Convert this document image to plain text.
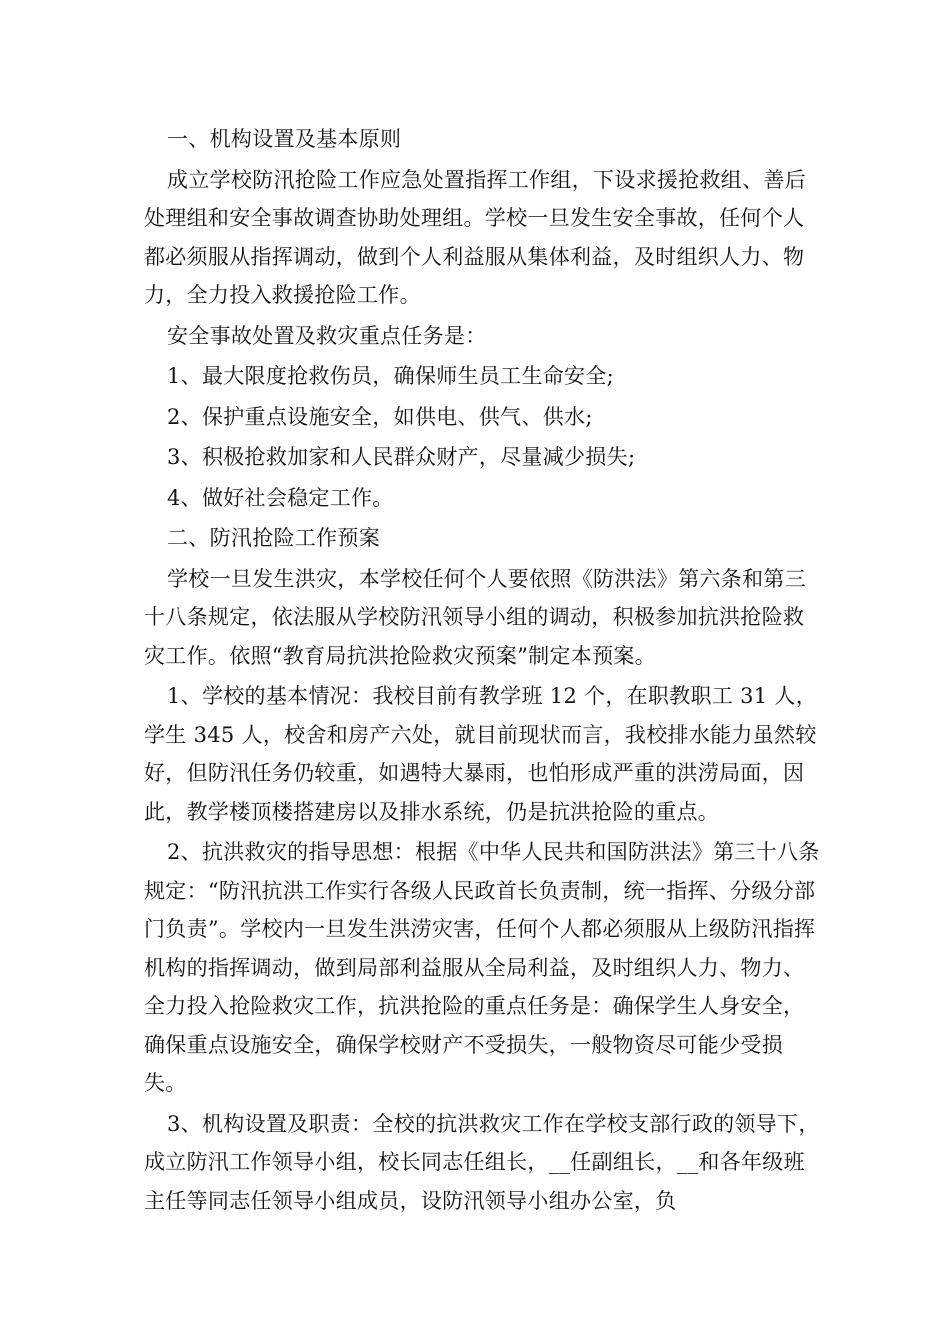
一、机构设置及基本原则

成立学校防汛抢险工作应急处置指挥工作组，下设求援抢救组、善后处理组和安全事故调查协助处理组。学校一旦发生安全事故，任何个人都必须服从指挥调动，做到个人利益服从集体利益，及时组织人力、物力，全力投入救援抢险工作。

安全事故处置及救灾重点任务是：

1、最大限度抢救伤员，确保师生员工生命安全;

2、保护重点设施安全，如供电、供气、供水;

3、积极抢救加家和人民群众财产，尽量减少损失;

4、做好社会稳定工作。

二、防汛抢险工作预案

学校一旦发生洪灾，本学校任何个人要依照《防洪法》第六条和第三十八条规定，依法服从学校防汛领导小组的调动，积极参加抗洪抢险救灾工作。依照“教育局抗洪抢险救灾预案”制定本预案。

1、学校的基本情况：我校目前有教学班 12 个，在职教职工 31 人，学生 345 人，校舍和房产六处，就目前现状而言，我校排水能力虽然较好，但防汛任务仍较重，如遇特大暴雨，也怕形成严重的洪涝局面，因此，教学楼顶楼搭建房以及排水系统，仍是抗洪抢险的重点。

2、抗洪救灾的指导思想：根据《中华人民共和国防洪法》第三十八条规定：“防汛抗洪工作实行各级人民政首长负责制，统一指挥、分级分部门负责”。学校内一旦发生洪涝灾害，任何个人都必须服从上级防汛指挥机构的指挥调动，做到局部利益服从全局利益，及时组织人力、物力、全力投入抢险救灾工作，抗洪抢险的重点任务是：确保学生人身安全，确保重点设施安全，确保学校财产不受损失，一般物资尽可能少受损失。

3、机构设置及职责：全校的抗洪救灾工作在学校支部行政的领导下，成立防汛工作领导小组，校长同志任组长，__任副组长，__和各年级班主任等同志任领导小组成员，设防汛领导小组办公室，负
